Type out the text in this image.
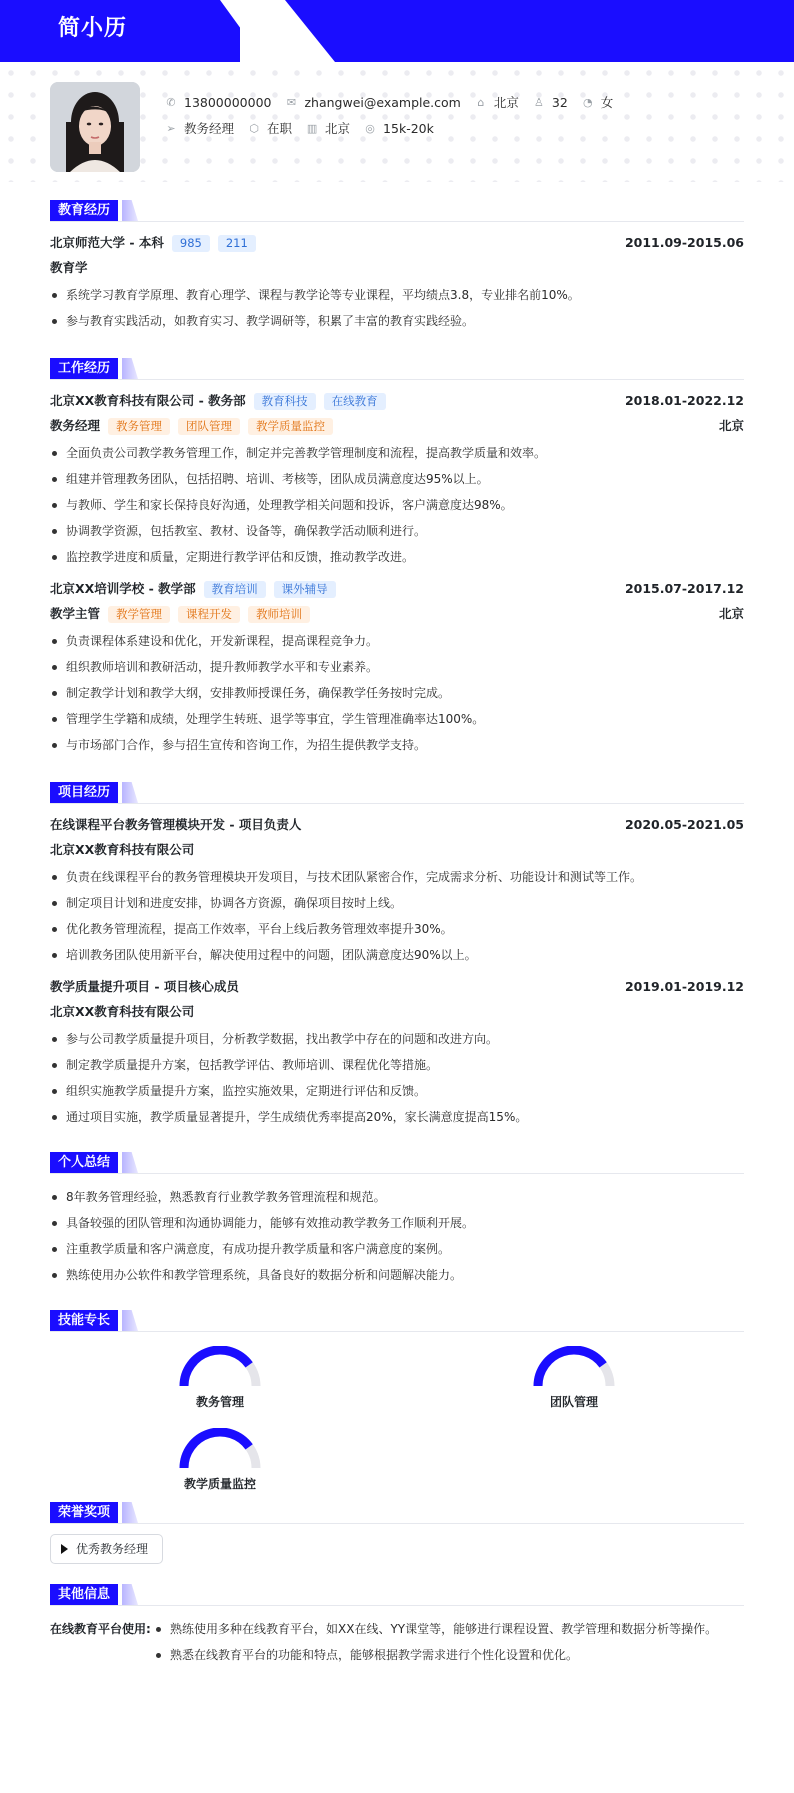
简小历
✆ 13800000000 ✉ zhangwei@example.com ⌂ 北京 ♙ 32 ◔ 女
➢ 教务经理 ⬡ 在职 ▥ 北京 ◎ 15k-20k
教育经历
北京师范大学 - 本科	985	211	2011.09-2015.06
教育学
系统学习教育学原理、教育心理学、课程与教学论等专业课程，平均绩点3.8，专业排名前10%。
参与教育实践活动，如教育实习、教学调研等，积累了丰富的教育实践经验。
工作经历
北京XX教育科技有限公司 - 教务部	教育科技	在线教育	2018.01-2022.12
教务经理	教务管理	团队管理	教学质量监控	北京
全面负责公司教学教务管理工作，制定并完善教学管理制度和流程，提高教学质量和效率。
组建并管理教务团队，包括招聘、培训、考核等，团队成员满意度达95%以上。
与教师、学生和家长保持良好沟通，处理教学相关问题和投诉，客户满意度达98%。
协调教学资源，包括教室、教材、设备等，确保教学活动顺利进行。
监控教学进度和质量，定期进行教学评估和反馈，推动教学改进。
北京XX培训学校 - 教学部	教育培训	课外辅导	2015.07-2017.12
教学主管	教学管理	课程开发	教师培训	北京
负责课程体系建设和优化，开发新课程，提高课程竞争力。
组织教师培训和教研活动，提升教师教学水平和专业素养。
制定教学计划和教学大纲，安排教师授课任务，确保教学任务按时完成。
管理学生学籍和成绩，处理学生转班、退学等事宜，学生管理准确率达100%。
与市场部门合作，参与招生宣传和咨询工作，为招生提供教学支持。
项目经历
在线课程平台教务管理模块开发 - 项目负责人	2020.05-2021.05
北京XX教育科技有限公司
负责在线课程平台的教务管理模块开发项目，与技术团队紧密合作，完成需求分析、功能设计和测试等工作。
制定项目计划和进度安排，协调各方资源，确保项目按时上线。
优化教务管理流程，提高工作效率，平台上线后教务管理效率提升30%。
培训教务团队使用新平台，解决使用过程中的问题，团队满意度达90%以上。
教学质量提升项目 - 项目核心成员	2019.01-2019.12
北京XX教育科技有限公司
参与公司教学质量提升项目，分析教学数据，找出教学中存在的问题和改进方向。
制定教学质量提升方案，包括教学评估、教师培训、课程优化等措施。
组织实施教学质量提升方案，监控实施效果，定期进行评估和反馈。
通过项目实施，教学质量显著提升，学生成绩优秀率提高20%，家长满意度提高15%。
个人总结
8年教务管理经验，熟悉教育行业教学教务管理流程和规范。
具备较强的团队管理和沟通协调能力，能够有效推动教学教务工作顺利开展。
注重教学质量和客户满意度，有成功提升教学质量和客户满意度的案例。
熟练使用办公软件和教学管理系统，具备良好的数据分析和问题解决能力。
技能专长
教务管理	团队管理
教学质量监控
荣誉奖项
优秀教务经理
其他信息
在线教育平台使用:	熟练使用多种在线教育平台，如XX在线、YY课堂等，能够进行课程设置、教学管理和数据分析等操作。
熟悉在线教育平台的功能和特点，能够根据教学需求进行个性化设置和优化。
